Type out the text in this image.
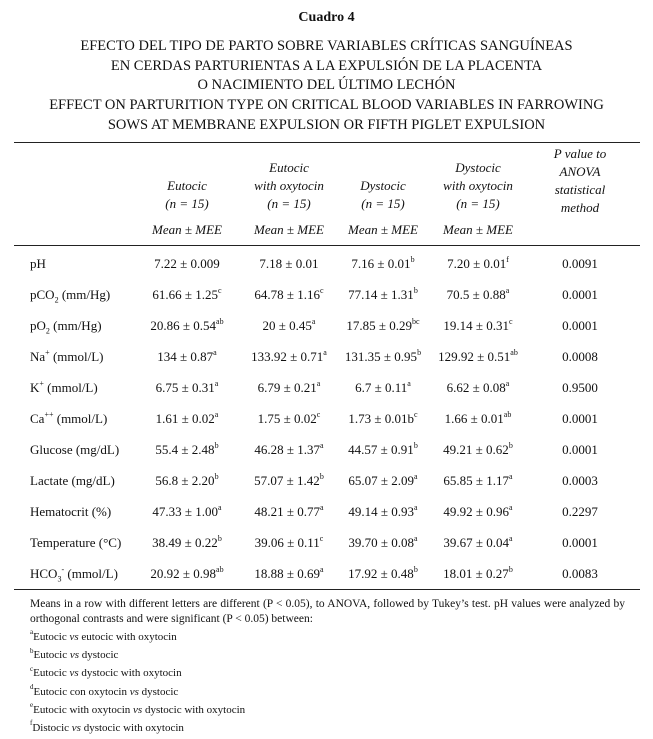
Cuadro 4
EFECTO DEL TIPO DE PARTO SOBRE VARIABLES CRÍTICAS SANGUÍNEAS
EN CERDAS PARTURIENTAS A LA EXPULSIÓN DE LA PLACENTA
O NACIMIENTO DEL ÚLTIMO LECHÓN
EFFECT ON PARTURITION TYPE ON CRITICAL BLOOD VARIABLES IN FARROWING
SOWS AT MEMBRANE EXPULSION OR FIFTH PIGLET EXPULSION
Eutocic
(n = 15)
Eutocic
with oxytocin
(n = 15)
Dystocic
(n = 15)
Dystocic
with oxytocin
(n = 15)
P value to
ANOVA
statistical
method
Mean ± MEE	Mean ± MEE	Mean ± MEE	Mean ± MEE
pH	7.22 ± 0.009	7.18 ± 0.01	7.16 ± 0.01$^b$	7.20 ± 0.01$^f$	0.0091
pCO$_2$ (mm/Hg)	61.66 ± 1.25$^c$	64.78 ± 1.16$^c$	77.14 ± 1.31$^b$	70.5 ± 0.88$^a$	0.0001
$pO_2$ (mm/Hg)	20.86 ± 0.54$^{ab}$	20 ± 0.45$^a$	17.85 ± 0.29$^{bc}$	19.14 ± 0.31$^c$	0.0001
Na+ (mmol/L)	134 ± 0.87$^a$	133.92 ± 0.71$^a$	131.35 ± 0.95$^b$	129.92 ± 0.51$^{ab}$	0.0008
K+ (mmol/L)	6.75 ± 0.31$^a$	6.79 ± 0.21$^a$	6.7 ± 0.11$^a$	6.62 ± 0.08$^a$	0.9500
Ca++ (mmol/L)	1.61 ± 0.02$^a$	1.75 ± 0.02$^c$	$1.73 \pm 0.01b^c$	1.66 ± 0.01$^{ab}$	0.0001
Glucose (mg/dL)	55.4 ± 2.48$^b$	46.28 ± 1.37$^a$	44.57 ± 0.91$^b$	49.21 ± 0.62$^b$	0.0001
Lactate (mg/dL)	56.8 ± 2.20$^b$	57.07 ± 1.42$^b$	65.07 ± 2.09$^a$	65.85 ± 1.17$^a$	0.0003
Hematocrit (%)	47.33 ± 1.00$^a$	48.21 ± 0.77$^a$	49.14 ± 0.93$^a$	49.92 ± 0.96$^a$	0.2297
Temperature (°C)	38.49 ± 0.22$^b$	39.06 ± 0.11$^c$	39.70 ± 0.08$^a$	39.67 ± 0.04$^a$	0.0001
$HCO_3^-$ (mmol/L)	20.92 ± 0.98$^{ab}$	18.88 ± 0.69$^a$	17.92 ± 0.48$^b$	18.01 ± 0.27$^b$	0.0083
Means in a row with different letters are different (P < 0.05), to ANOVA, followed by Tukey’s test. pH values were analyzed by orthogonal contrasts and were significant (P < 0.05) between:
$^a$Eutocic vs eutocic with oxytocin
$^b$Eutocic vs dystocic
$^c$Eutocic vs dystocic with oxytocin
$^d$Eutocic con oxytocin vs dystocic
$^e$Eutocic with oxytocin vs dystocic with oxytocin
$^f$Distocic vs dystocic with oxytocin
